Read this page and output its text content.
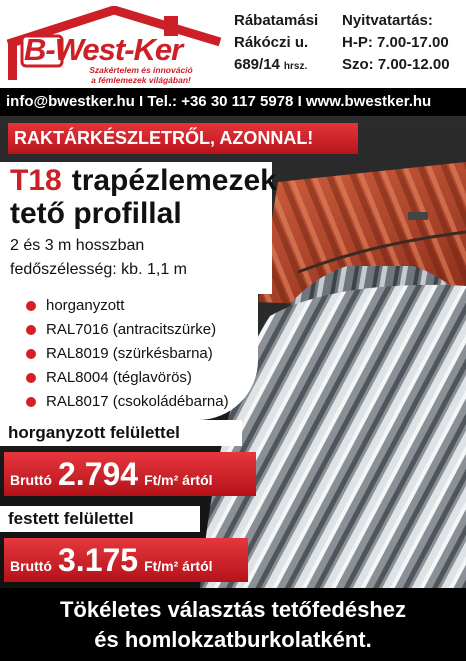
B-West-Ker
Szakértelem és innováció
a fémlemezek világában!
Rábatamási
Rákóczi u.
689/14 hrsz.
Nyitvatartás:
H-P: 7.00-17.00
Szo: 7.00-12.00
info@bwestker.hu I Tel.: +36 30 117 5978 I www.bwestker.hu
RAKTÁRKÉSZLETRŐL, AZONNAL!
T18 trapézlemezek
tető profillal
2 és 3 m hosszban
fedőszélesség: kb. 1,1 m
horganyzott
RAL7016 (antracitszürke)
RAL8019 (szürkésbarna)
RAL8004 (téglavörös)
RAL8017 (csokoládébarna)
horganyzott felülettel
Bruttó 2.794 Ft/m² ártól
festett felülettel
Bruttó 3.175 Ft/m² ártól
Tökéletes választás tetőfedéshez
és homlokzatburkolatként.
